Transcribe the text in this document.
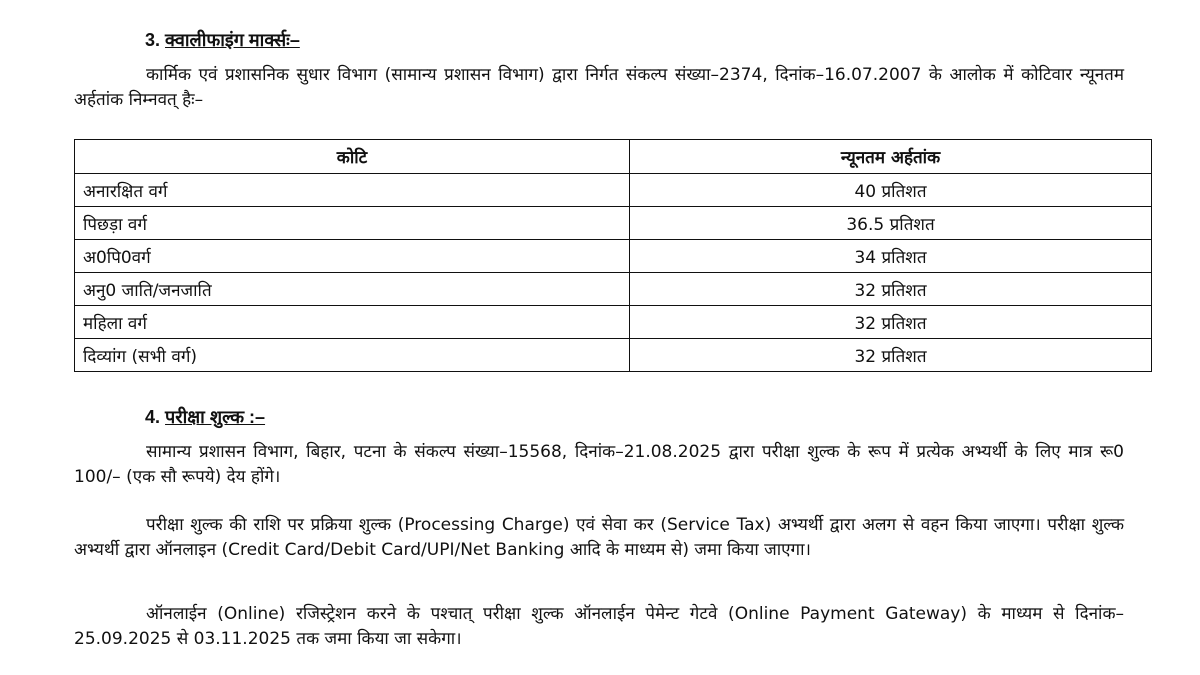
3. क्वालीफाइंग मार्क्सः–

कार्मिक एवं प्रशासनिक सुधार विभाग (सामान्य प्रशासन विभाग) द्वारा निर्गत संकल्प संख्या–2374, दिनांक–16.07.2007 के आलोक में कोटिवार न्यूनतम अर्हतांक निम्नवत् हैः–

कोटि	न्यूनतम अर्हतांक
अनारक्षित वर्ग	40 प्रतिशत
पिछड़ा वर्ग	36.5 प्रतिशत
अ0पि0वर्ग	34 प्रतिशत
अनु0 जाति/जनजाति	32 प्रतिशत
महिला वर्ग	32 प्रतिशत
दिव्यांग (सभी वर्ग)	32 प्रतिशत
4. परीक्षा शुल्क :–

सामान्य प्रशासन विभाग, बिहार, पटना के संकल्प संख्या–15568, दिनांक–21.08.2025 द्वारा परीक्षा शुल्क के रूप में प्रत्येक अभ्यर्थी के लिए मात्र रू0 100/– (एक सौ रूपये) देय होंगे।

परीक्षा शुल्क की राशि पर प्रक्रिया शुल्क (Processing Charge) एवं सेवा कर (Service Tax) अभ्यर्थी द्वारा अलग से वहन किया जाएगा। परीक्षा शुल्क अभ्यर्थी द्वारा ऑनलाइन (Credit Card/Debit Card/UPI/Net Banking आदि के माध्यम से) जमा किया जाएगा।

ऑनलाईन (Online) रजिस्ट्रेशन करने के पश्चात् परीक्षा शुल्क ऑनलाईन पेमेन्ट गेटवे (Online Payment Gateway) के माध्यम से दिनांक–25.09.2025 से 03.11.2025 तक जमा किया जा सकेगा।
